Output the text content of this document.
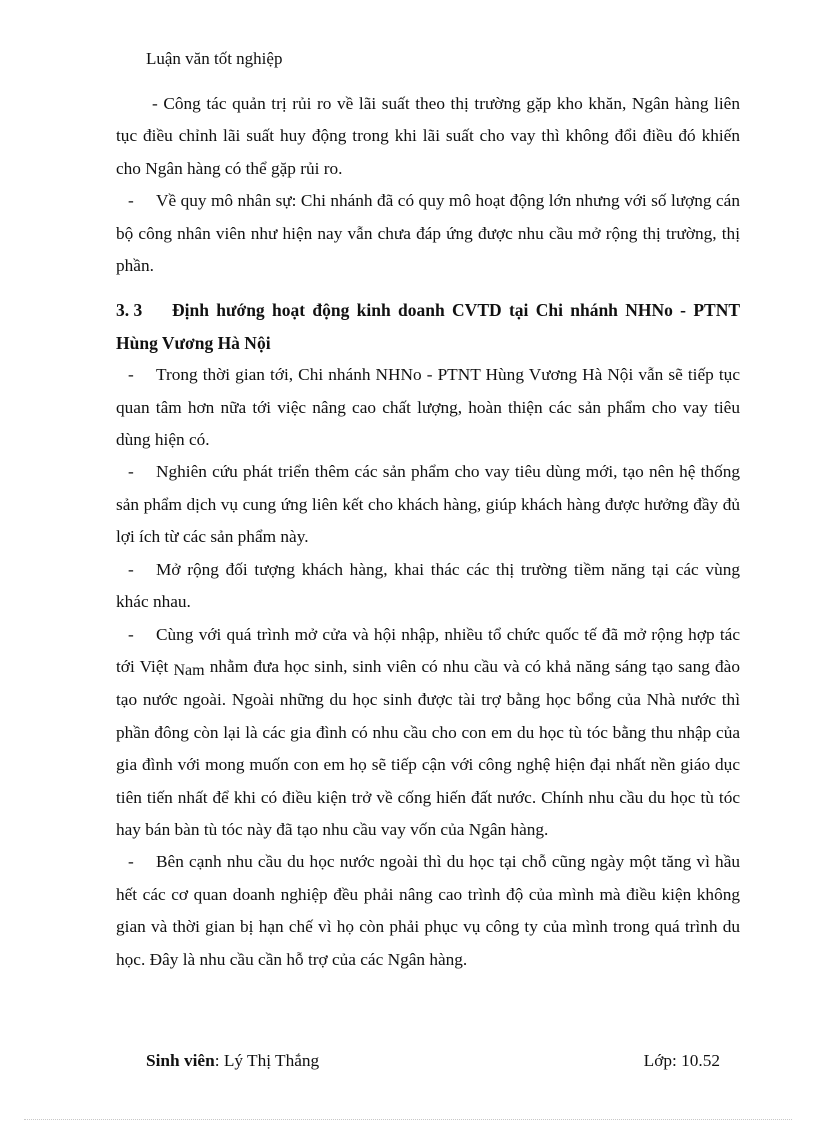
Luận văn tốt nghiệp

- Công tác quản trị rủi ro về lãi suất theo thị trường gặp kho khăn, Ngân hàng liên tục điều chỉnh lãi suất huy động trong khi lãi suất cho vay thì không đổi điều đó khiến cho Ngân hàng có thể gặp rủi ro.

- Về quy mô nhân sự: Chi nhánh đã có quy mô hoạt động lớn nhưng với số lượng cán bộ công nhân viên như hiện nay vẫn chưa đáp ứng được nhu cầu mở rộng thị trường, thị phần.

3. 3 Định hướng hoạt động kinh doanh CVTD tại Chi nhánh NHNo - PTNT Hùng Vương Hà Nội

- Trong thời gian tới, Chi nhánh NHNo - PTNT Hùng Vương Hà Nội vẫn sẽ tiếp tục quan tâm hơn nữa tới việc nâng cao chất lượng, hoàn thiện các sản phẩm cho vay tiêu dùng hiện có.

- Nghiên cứu phát triển thêm các sản phẩm cho vay tiêu dùng mới, tạo nên hệ thống sản phẩm dịch vụ cung ứng liên kết cho khách hàng, giúp khách hàng được hưởng đầy đủ lợi ích từ các sản phẩm này.

- Mở rộng đối tượng khách hàng, khai thác các thị trường tiềm năng tại các vùng khác nhau.

- Cùng với quá trình mở cửa và hội nhập, nhiều tổ chức quốc tế đã mở rộng hợp tác tới Việt Nam nhằm đưa học sinh, sinh viên có nhu cầu và có khả năng sáng tạo sang đào tạo nước ngoài. Ngoài những du học sinh được tài trợ bằng học bổng của Nhà nước thì phần đông còn lại là các gia đình có nhu cầu cho con em du học tù tóc bằng thu nhập của gia đình với mong muốn con em họ sẽ tiếp cận với công nghệ hiện đại nhất nền giáo dục tiên tiến nhất để khi có điều kiện trở về cống hiến đất nước. Chính nhu cầu du học tù tóc hay bán bàn tù tóc này đã tạo nhu cầu vay vốn của Ngân hàng.

- Bên cạnh nhu cầu du học nước ngoài thì du học tại chỗ cũng ngày một tăng vì hầu hết các cơ quan doanh nghiệp đều phải nâng cao trình độ của mình mà điều kiện không gian và thời gian bị hạn chế vì họ còn phải phục vụ công ty của mình trong quá trình du học. Đây là nhu cầu cần hỗ trợ của các Ngân hàng.

Sinh viên: Lý Thị Thắng	Lớp: 10.52
